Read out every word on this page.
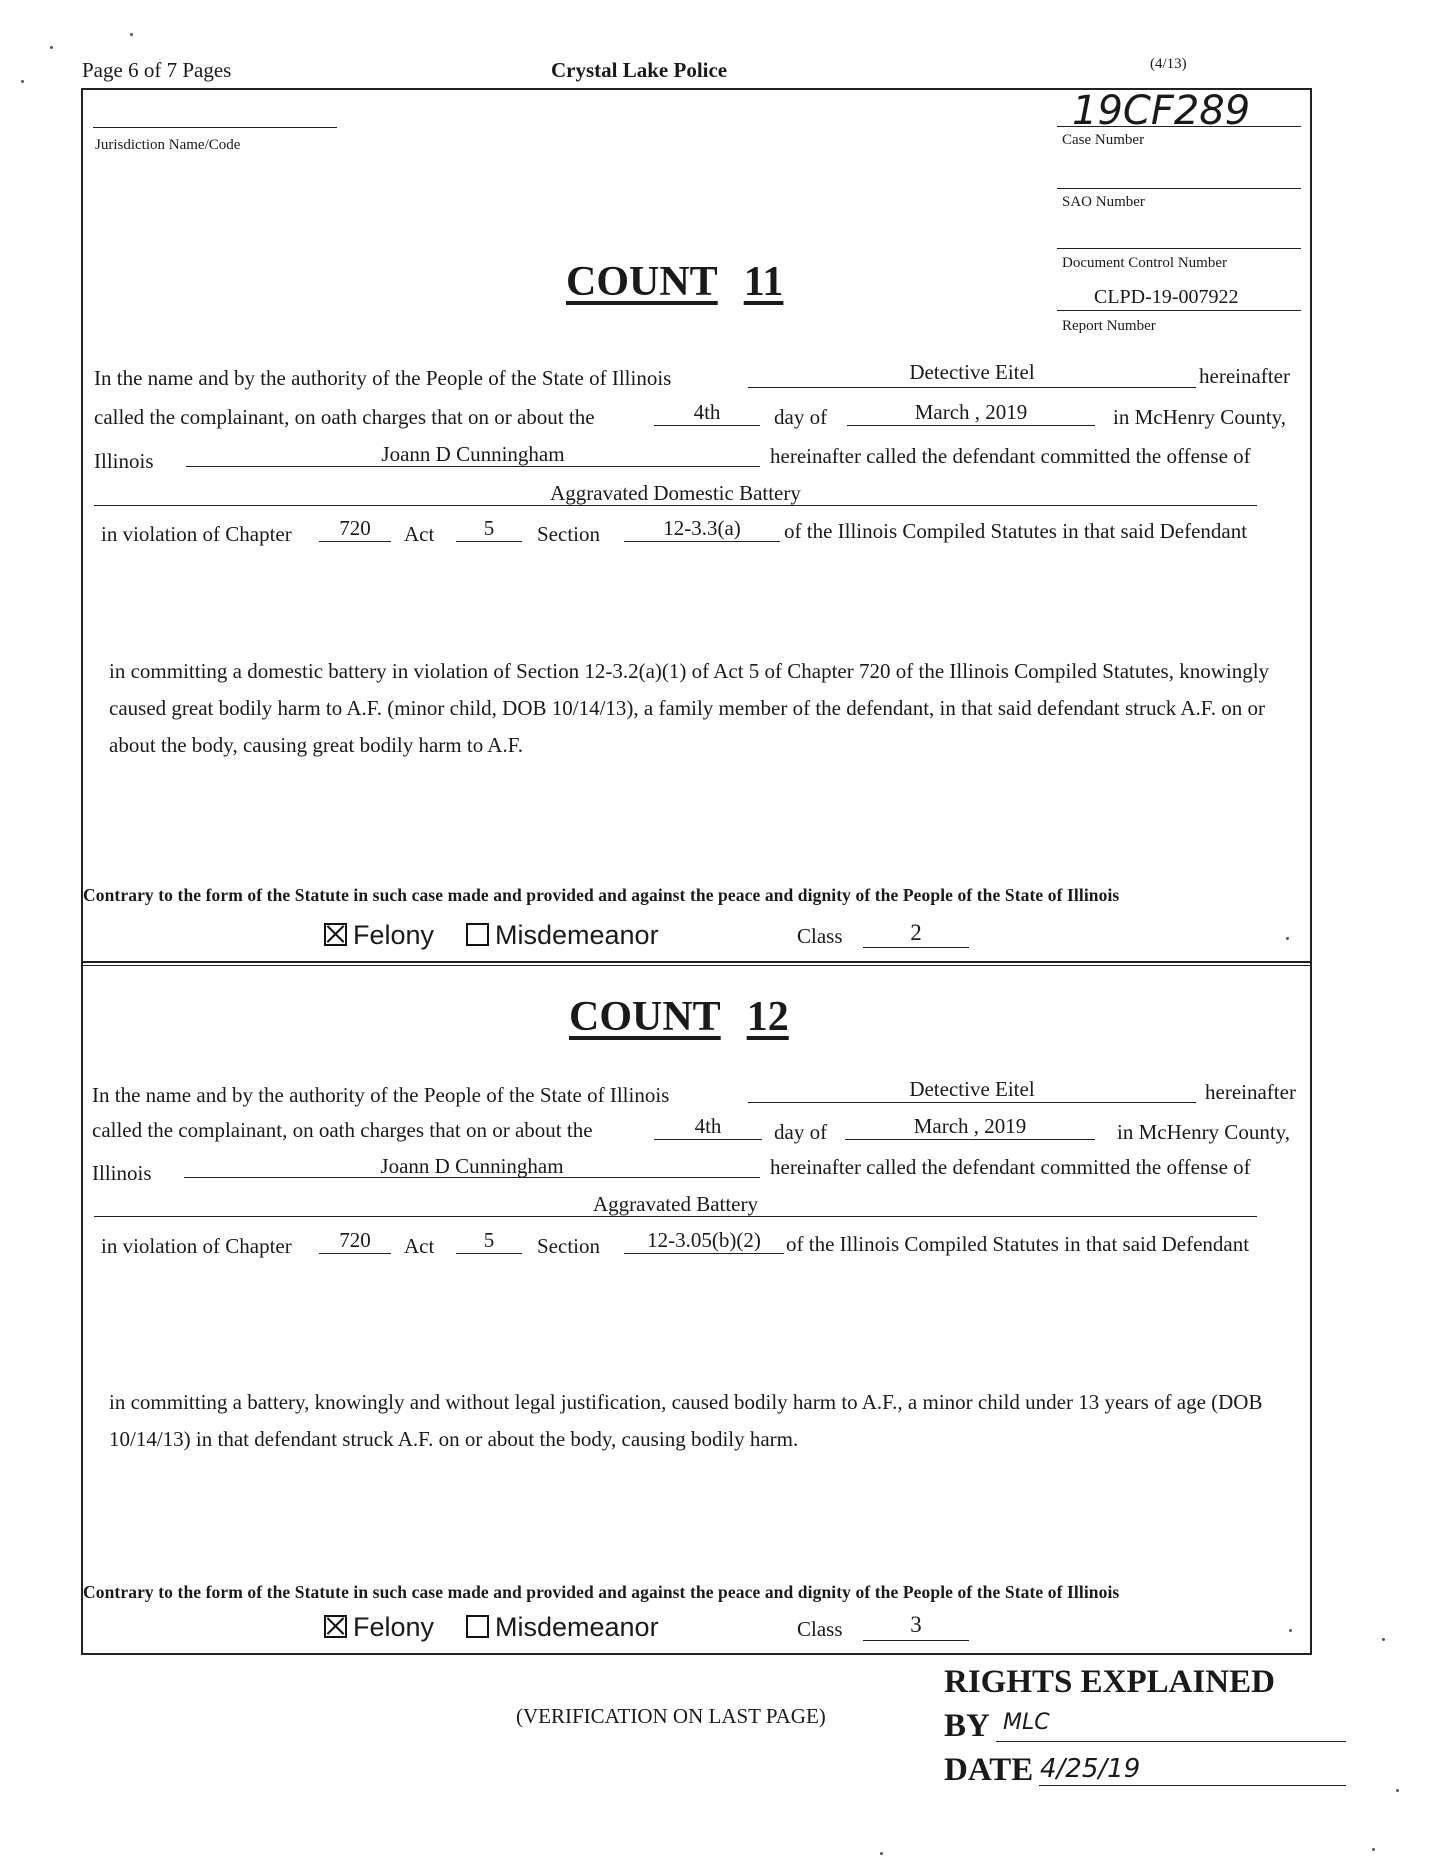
Page 6 of 7 Pages	Crystal Lake Police	(4/13)
Jurisdiction Name/Code
19CF289
Case Number
SAO Number
Document Control Number
CLPD-19-007922
Report Number
COUNT 11
In the name and by the authority of the People of the State of Illinois	Detective Eitel	hereinafter
called the complainant, on oath charges that on or about the	4th	day of	March , 2019	in McHenry County,
Illinois	Joann D Cunningham	hereinafter called the defendant committed the offense of
Aggravated Domestic Battery
in violation of Chapter	720	Act	5	Section	12-3.3(a)	of the Illinois Compiled Statutes in that said Defendant
in committing a domestic battery in violation of Section 12-3.2(a)(1) of Act 5 of Chapter 720 of the Illinois Compiled Statutes, knowingly caused great bodily harm to A.F. (minor child, DOB 10/14/13), a family member of the defendant, in that said defendant struck A.F. on or about the body, causing great bodily harm to A.F.
Contrary to the form of the Statute in such case made and provided and against the peace and dignity of the People of the State of Illinois
Felony	Misdemeanor	Class	2
COUNT 12
In the name and by the authority of the People of the State of Illinois	Detective Eitel	hereinafter
called the complainant, on oath charges that on or about the	4th	day of	March , 2019	in McHenry County,
Illinois	Joann D Cunningham	hereinafter called the defendant committed the offense of
Aggravated Battery
in violation of Chapter	720	Act	5	Section	12-3.05(b)(2)	of the Illinois Compiled Statutes in that said Defendant
in committing a battery, knowingly and without legal justification, caused bodily harm to A.F., a minor child under 13 years of age (DOB 10/14/13) in that defendant struck A.F. on or about the body, causing bodily harm.
Contrary to the form of the Statute in such case made and provided and against the peace and dignity of the People of the State of Illinois
Felony	Misdemeanor	Class	3
(VERIFICATION ON LAST PAGE)
RIGHTS EXPLAINED
BY MLC
DATE 4/25/19
